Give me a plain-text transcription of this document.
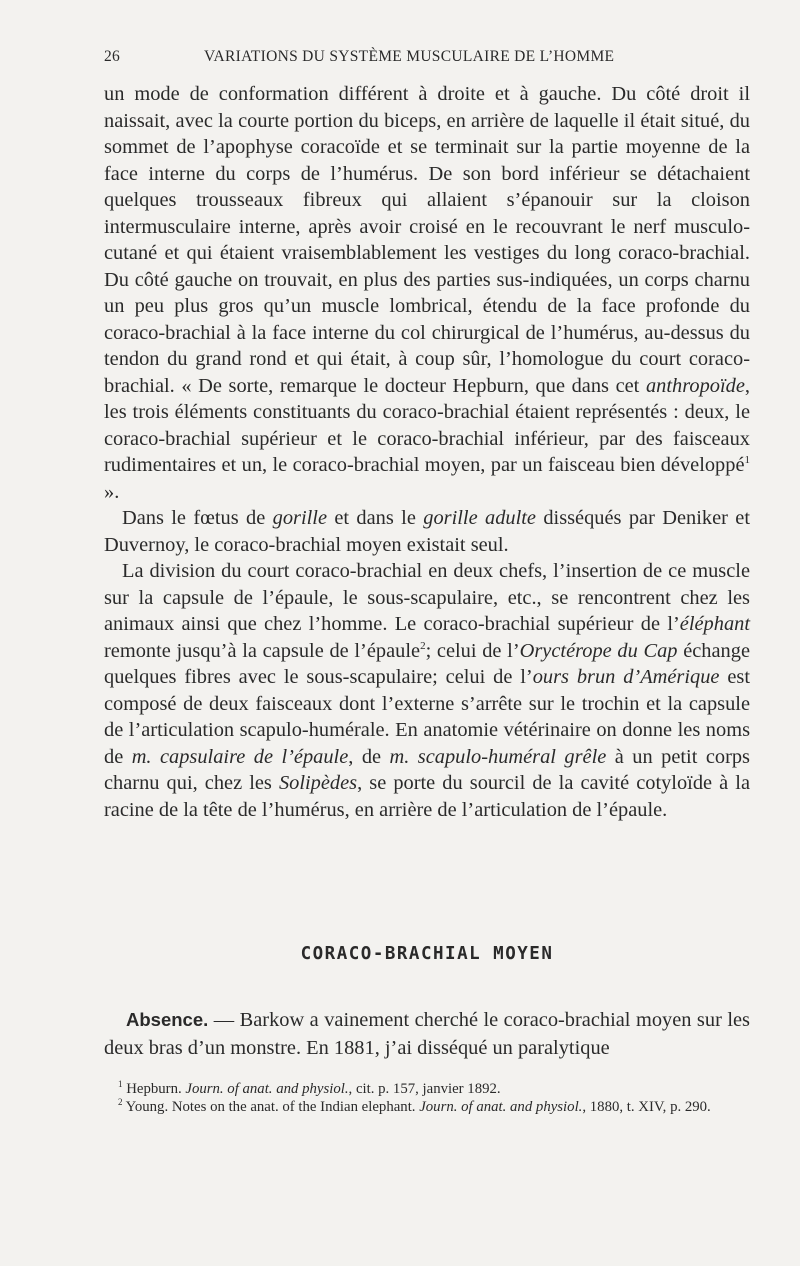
26	VARIATIONS DU SYSTÈME MUSCULAIRE DE L’HOMME

un mode de conformation différent à droite et à gauche. Du côté droit il naissait, avec la courte portion du biceps, en arrière de laquelle il était situé, du sommet de l’apophyse coracoïde et se terminait sur la partie moyenne de la face interne du corps de l’humérus. De son bord inférieur se détachaient quelques trousseaux fibreux qui allaient s’épanouir sur la cloison intermusculaire interne, après avoir croisé en le recouvrant le nerf musculo-cutané et qui étaient vraisemblablement les vestiges du long coraco-brachial. Du côté gauche on trouvait, en plus des parties sus-indiquées, un corps charnu un peu plus gros qu’un muscle lombrical, étendu de la face profonde du coraco-brachial à la face interne du col chirurgical de l’humérus, au-dessus du tendon du grand rond et qui était, à coup sûr, l’homologue du court coraco-brachial. « De sorte, remarque le docteur Hepburn, que dans cet anthropoïde, les trois éléments constituants du coraco-brachial étaient représentés : deux, le coraco-brachial supérieur et le coraco-brachial inférieur, par des faisceaux rudimentaires et un, le coraco-brachial moyen, par un faisceau bien développé$^1$ ».

Dans le fœtus de gorille et dans le gorille adulte disséqués par Deniker et Duvernoy, le coraco-brachial moyen existait seul.

La division du court coraco-brachial en deux chefs, l’insertion de ce muscle sur la capsule de l’épaule, le sous-scapulaire, etc., se rencontrent chez les animaux ainsi que chez l’homme. Le coraco-brachial supérieur de l’éléphant remonte jusqu’à la capsule de l’épaule$^2$; celui de l’Oryctérope du Cap échange quelques fibres avec le sous-scapulaire; celui de l’ours brun d’Amérique est composé de deux faisceaux dont l’externe s’arrête sur le trochin et la capsule de l’articulation scapulo-humérale. En anatomie vétérinaire on donne les noms de m. capsulaire de l’épaule, de m. scapulo-huméral grêle à un petit corps charnu qui, chez les Solipèdes, se porte du sourcil de la cavité cotyloïde à la racine de la tête de l’humérus, en arrière de l’articulation de l’épaule.

CORACO-BRACHIAL MOYEN

Absence. — Barkow a vainement cherché le coraco-brachial moyen sur les deux bras d’un monstre. En 1881, j’ai disséqué un paralytique

$^1$ Hepburn. Journ. of anat. and physiol., cit. p. 157, janvier 1892.

$^2$ Young. Notes on the anat. of the Indian elephant. Journ. of anat. and physiol., 1880, t. XIV, p. 290.
